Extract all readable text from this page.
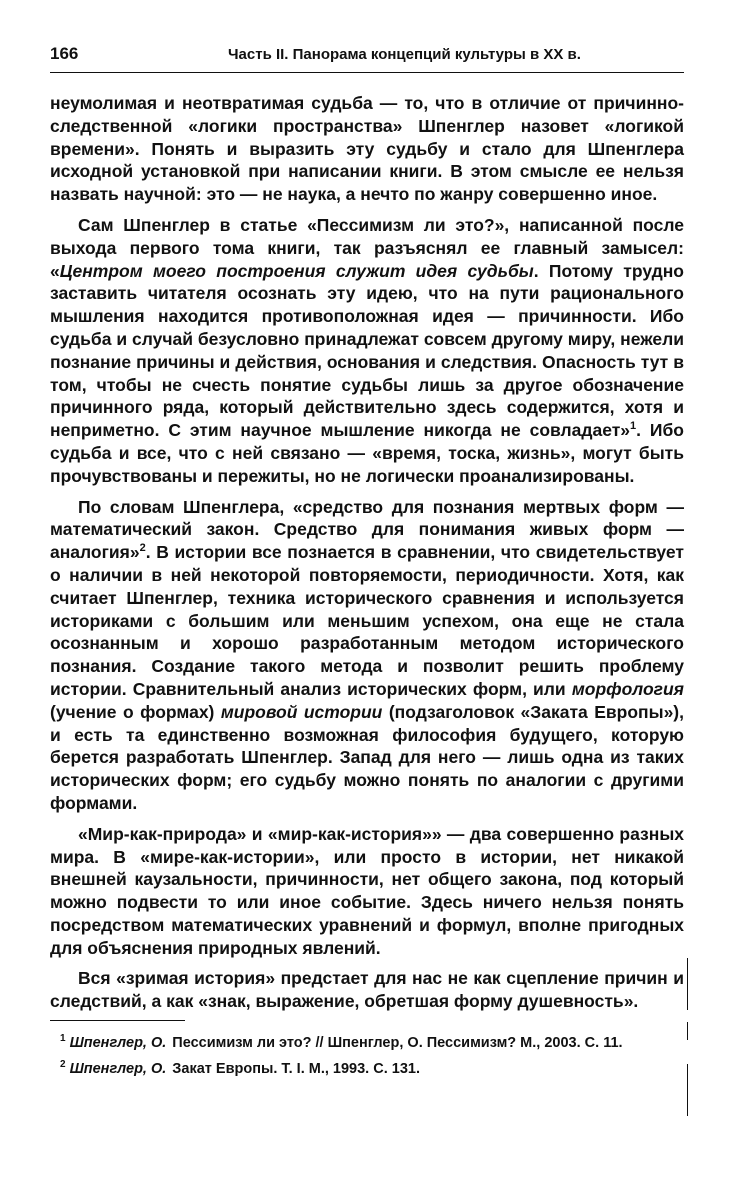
166	Часть II. Панорама концепций культуры в XX в.

неумолимая и неотвратимая судьба — то, что в отличие от причинно-следственной «логики пространства» Шпенглер назовет «логикой времени». Понять и выразить эту судьбу и стало для Шпенглера исходной установкой при написании книги. В этом смысле ее нельзя назвать научной: это — не наука, а нечто по жанру совершенно иное.

Сам Шпенглер в статье «Пессимизм ли это?», написанной после выхода первого тома книги, так разъяснял ее главный замысел: «Центром моего построения служит идея судьбы. Потому трудно заставить читателя осознать эту идею, что на пути рационального мышления находится противоположная идея — причинности. Ибо судьба и случай безусловно принадлежат совсем другому миру, нежели познание причины и действия, основания и следствия. Опасность тут в том, чтобы не счесть понятие судьбы лишь за другое обозначение причинного ряда, который действительно здесь содержится, хотя и неприметно. С этим научное мышление никогда не совладает»$^1$. Ибо судьба и все, что с ней связано — «время, тоска, жизнь», могут быть прочувствованы и пережиты, но не логически проанализированы.

По словам Шпенглера, «средство для познания мертвых форм — математический закон. Средство для понимания живых форм — аналогия»$^2$. В истории все познается в сравнении, что свидетельствует о наличии в ней некоторой повторяемости, периодичности. Хотя, как считает Шпенглер, техника исторического сравнения и используется историками с большим или меньшим успехом, она еще не стала осознанным и хорошо разработанным методом исторического познания. Создание такого метода и позволит решить проблему истории. Сравнительный анализ исторических форм, или морфология (учение о формах) мировой истории (подзаголовок «Заката Европы»), и есть та единственно возможная философия будущего, которую берется разработать Шпенглер. Запад для него — лишь одна из таких исторических форм; его судьбу можно понять по аналогии с другими формами.

«Мир-как-природа» и «мир-как-история»» — два совершенно разных мира. В «мире-как-истории», или просто в истории, нет никакой внешней каузальности, причинности, нет общего закона, под который можно подвести то или иное событие. Здесь ничего нельзя понять посредством математических уравнений и формул, вполне пригодных для объяснения природных явлений.

Вся «зримая история» предстает для нас не как сцепление причин и следствий, а как «знак, выражение, обретшая форму душевность».

$^1$ Шпенглер, О. Пессимизм ли это? // Шпенглер, О. Пессимизм? М., 2003. С. 11.
$^2$ Шпенглер, О. Закат Европы. Т. I. М., 1993. С. 131.
